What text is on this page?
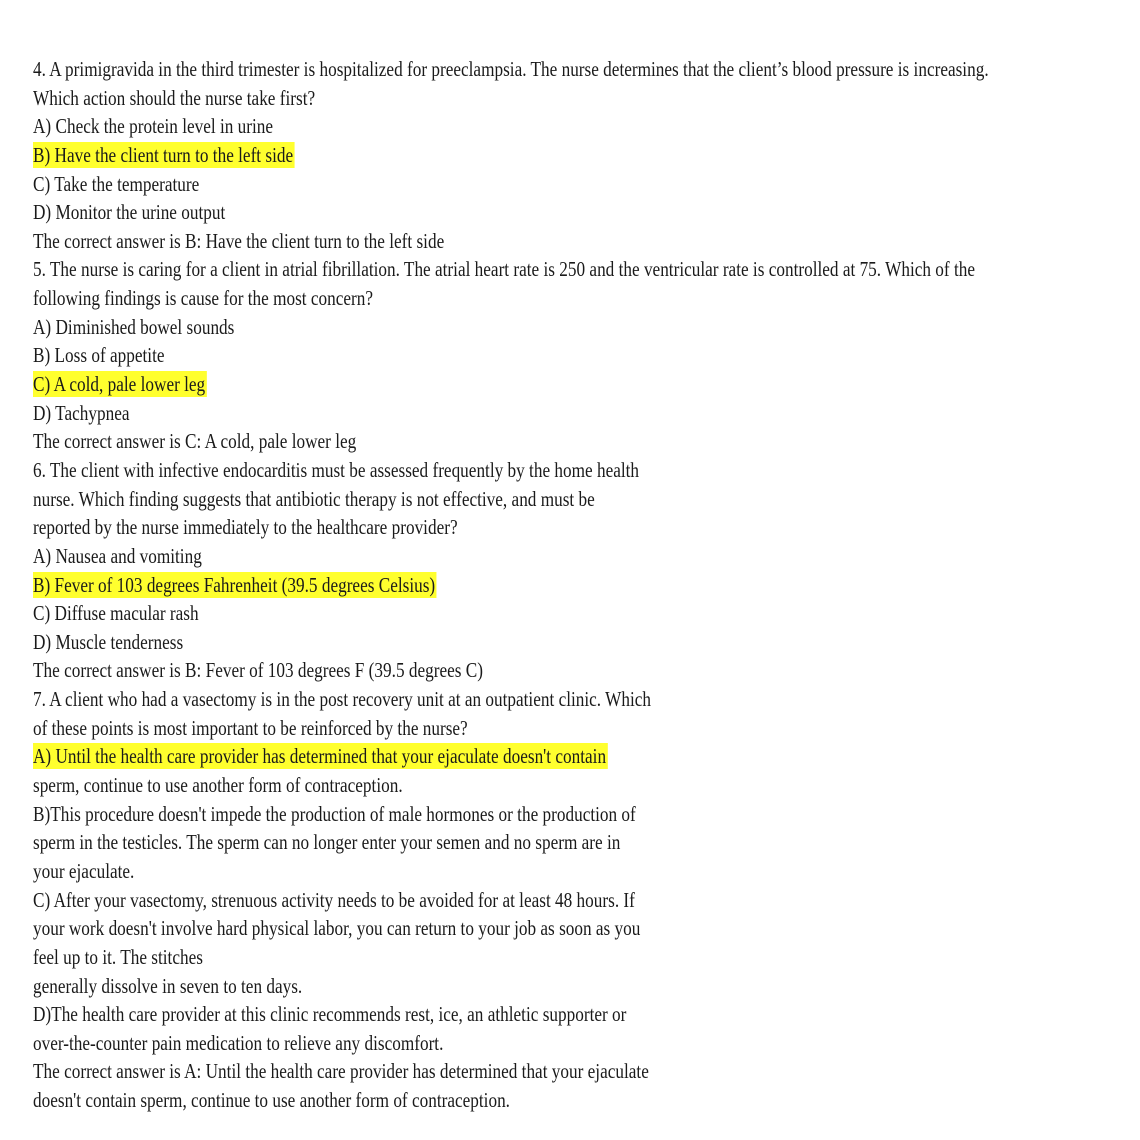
4. A primigravida in the third trimester is hospitalized for preeclampsia. The nurse determines that the client’s blood pressure is increasing.
Which action should the nurse take first?
A) Check the protein level in urine
B) Have the client turn to the left side
C) Take the temperature
D) Monitor the urine output
The correct answer is B: Have the client turn to the left side
5. The nurse is caring for a client in atrial fibrillation. The atrial heart rate is 250 and the ventricular rate is controlled at 75. Which of the
following findings is cause for the most concern?
A) Diminished bowel sounds
B) Loss of appetite
C) A cold, pale lower leg
D) Tachypnea
The correct answer is C: A cold, pale lower leg
6. The client with infective endocarditis must be assessed frequently by the home health
nurse. Which finding suggests that antibiotic therapy is not effective, and must be
reported by the nurse immediately to the healthcare provider?
A) Nausea and vomiting
B) Fever of 103 degrees Fahrenheit (39.5 degrees Celsius)
C) Diffuse macular rash
D) Muscle tenderness
The correct answer is B: Fever of 103 degrees F (39.5 degrees C)
7. A client who had a vasectomy is in the post recovery unit at an outpatient clinic. Which
of these points is most important to be reinforced by the nurse?
A) Until the health care provider has determined that your ejaculate doesn't contain
sperm, continue to use another form of contraception.
B)This procedure doesn't impede the production of male hormones or the production of
sperm in the testicles. The sperm can no longer enter your semen and no sperm are in
your ejaculate.
C) After your vasectomy, strenuous activity needs to be avoided for at least 48 hours. If
your work doesn't involve hard physical labor, you can return to your job as soon as you
feel up to it. The stitches
generally dissolve in seven to ten days.
D)The health care provider at this clinic recommends rest, ice, an athletic supporter or
over-the-counter pain medication to relieve any discomfort.
The correct answer is A: Until the health care provider has determined that your ejaculate
doesn't contain sperm, continue to use another form of contraception.
